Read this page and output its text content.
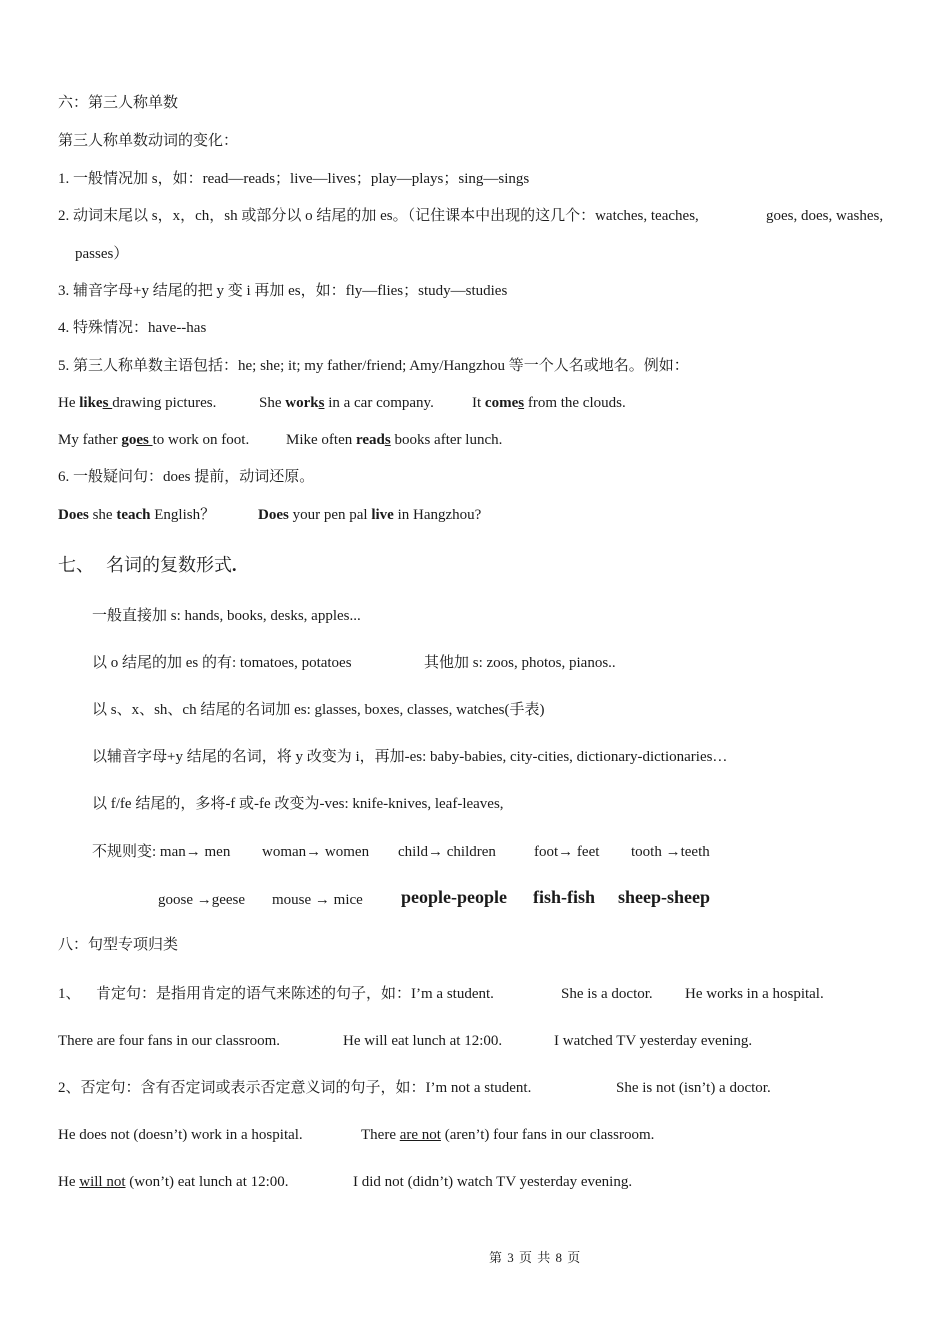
六：第三人称单数
第三人称单数动词的变化：
1. 一般情况加 s，如：read—reads；live—lives；play—plays；sing—sings
2. 动词末尾以 s，x，ch，sh 或部分以 o 结尾的加 es。（记住课本中出现的这几个：watches, teaches,	goes, does, washes,
passes）
3. 辅音字母+y 结尾的把 y 变 i 再加 es，如：fly—flies；study—studies
4. 特殊情况：have--has
5. 第三人称单数主语包括：he; she; it; my father/friend; Amy/Hangzhou 等一个人名或地名。例如：
He likes drawing pictures.	She works in a car company.	It comes from the clouds.
My father goes to work on foot. Mike often reads books after lunch.
6. 一般疑问句：does 提前，动词还原。
Does she teach English？	Does your pen pal live in Hangzhou?
七、 名词的复数形式.
一般直接加 s: hands, books, desks, apples...
以 o 结尾的加 es 的有: tomatoes, potatoes	其他加 s: zoos, photos, pianos..
以 s、x、sh、ch 结尾的名词加 es: glasses, boxes, classes, watches(手表)
以辅音字母+y 结尾的名词，将 y 改变为 i，再加-es: baby-babies, city-cities, dictionary-dictionaries…
以 f/fe 结尾的，多将-f 或-fe 改变为-ves: knife-knives, leaf-leaves,
不规则变: man→ men woman→ women child→ children	foot→ feet tooth →teeth
goose →geese mouse → mice people-people fish-fish sheep-sheep
八：句型专项归类
1、 肯定句：是指用肯定的语气来陈述的句子，如：I’m a student.	She is a doctor. He works in a hospital.
There are four fans in our classroom.	He will eat lunch at 12:00.	I watched TV yesterday evening.
2、否定句：含有否定词或表示否定意义词的句子，如：I’m not a student.	She is not (isn’t) a doctor.
He does not (doesn’t) work in a hospital.	There are not (aren’t) four fans in our classroom.
He will not (won’t) eat lunch at 12:00.	I did not (didn’t) watch TV yesterday evening.
第 3 页 共 8 页
